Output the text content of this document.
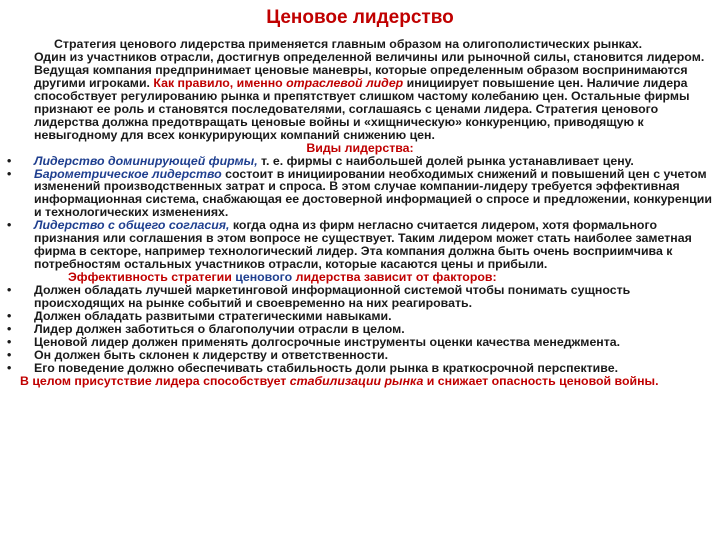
Ценовое лидерство

Стратегия ценового лидерства применяется главным образом на олигополистических рынках.

Один из участников отрасли, достигнув определенной величины или рыночной силы, становится лидером. Ведущая компания предпринимает ценовые маневры, которые определенным образом воспринимаются другими игроками. Как правило, именно отраслевой лидер инициирует повышение цен. Наличие лидера способствует регулированию рынка и препятствует слишком частому колебанию цен. Остальные фирмы признают ее роль и становятся последователями, соглашаясь с ценами лидера. Стратегия ценового лидерства должна предотвращать ценовые войны и «хищническую» конкуренцию, приводящую к невыгодному для всех конкурирующих компаний снижению цен.

Виды лидерства:

• Лидерство доминирующей фирмы, т. е. фирмы с наибольшей долей рынка устанавливает цену.
• Барометрическое лидерство состоит в инициировании необходимых снижений и повышений цен с учетом изменений производственных затрат и спроса. В этом случае компании-лидеру требуется эффективная информационная система, снабжающая ее достоверной информацией о спросе и предложении, конкуренции и технологических изменениях.
• Лидерство с общего согласия, когда одна из фирм негласно считается лидером, хотя формального признания или соглашения в этом вопросе не существует. Таким лидером может стать наиболее заметная фирма в секторе, например технологический лидер. Эта компания должна быть очень восприимчива к потребностям остальных участников отрасли, которые касаются цены и прибыли.

Эффективность стратегии ценового лидерства зависит от факторов:

• Должен обладать лучшей маркетинговой информационной системой чтобы понимать сущность происходящих на рынке событий и своевременно на них реагировать.
• Должен обладать развитыми стратегическими навыками.
• Лидер должен заботиться о благополучии отрасли в целом.
• Ценовой лидер должен применять долгосрочные инструменты оценки качества менеджмента.
• Он должен быть склонен к лидерству и ответственности.
• Его поведение должно обеспечивать стабильность доли рынка в краткосрочной перспективе.

В целом присутствие лидера способствует стабилизации рынка и снижает опасность ценовой войны.
